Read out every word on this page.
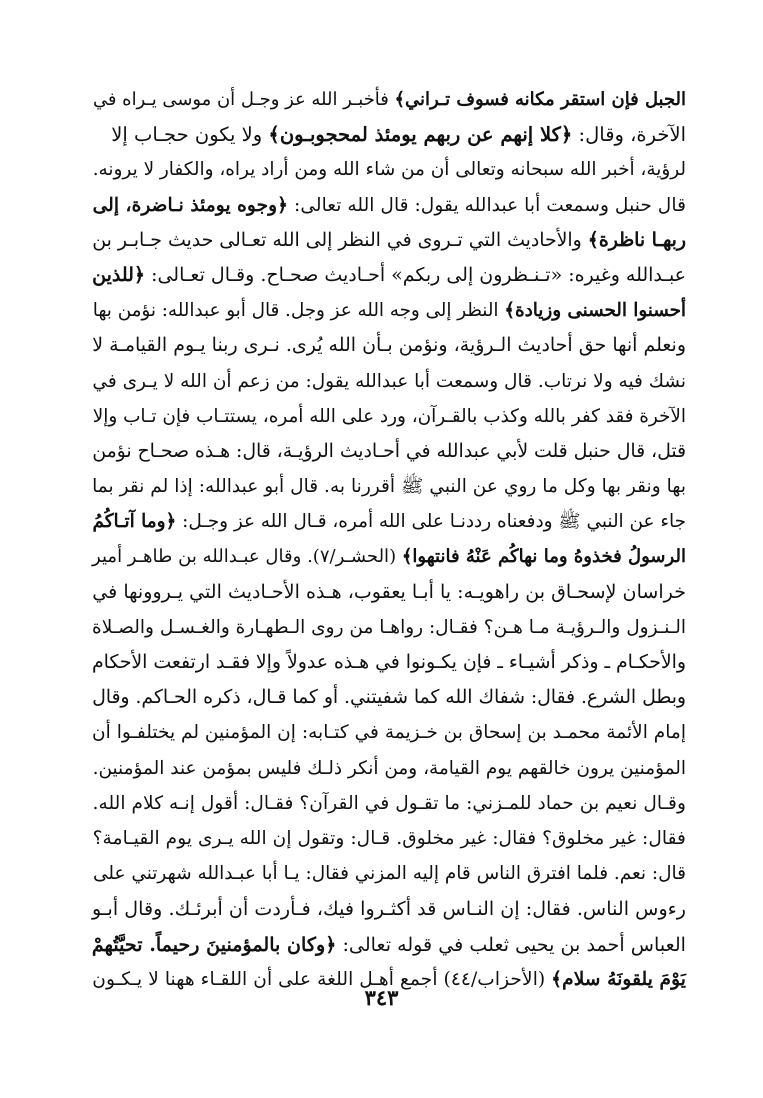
الجبل فإن استقر مكانه فسوف تـراني﴾ فأخبـر الله عز وجـل أن موسى يـراه في
الآخرة، وقال: ﴿كلا إنهم عن ربهم يومئذ لمحجوبـون﴾ ولا يكون حجـاب إلا
لرؤية، أخبر الله سبحانه وتعالى أن من شاء الله ومن أراد يراه، والكفار لا يرونه.
قال حنبل وسمعت أبا عبدالله يقول: قال الله تعالى: ﴿وجوه يومئذ نـاضرة، إلى
ربهـا ناظرة﴾ والأحاديث التي تـروى في النظر إلى الله تعـالى حديث جـابـر بن
عبـدالله وغيره: «تـنـظرون إلى ربكم» أحـاديث صحـاح. وقـال تعـالى: ﴿للذين
أحسنوا الحسنى وزيادة﴾ النظر إلى وجه الله عز وجل. قال أبو عبدالله: نؤمن بها
ونعلم أنها حق أحاديث الـرؤية، ونؤمن بـأن الله يُرى. نـرى ربنا يـوم القيامـة لا
نشك فيه ولا نرتاب. قال وسمعت أبا عبدالله يقول: من زعم أن الله لا يـرى في
الآخرة فقد كفر بالله وكذب بالقـرآن، ورد على الله أمره، يستتـاب فإن تـاب وإلا
قتل، قال حنبل قلت لأبي عبدالله في أحـاديث الرؤيـة، قال: هـذه صحـاح نؤمن
بها ونقر بها وكل ما روي عن النبي ﷺ أقررنا به. قال أبو عبدالله: إذا لم نقر بما
جاء عن النبي ﷺ ودفعناه رددنـا على الله أمره، قـال الله عز وجـل: ﴿وما آتـاكُمُ
الرسولُ فخذوهُ وما نهاكُم عَنْهُ فانتهوا﴾ (الحشـر/٧). وقال عبـدالله بن طاهـر أمير
خراسان لإسحـاق بن راهويـه: يا أبـا يعقوب، هـذه الأحـاديث التي يـروونها في
الـنـزول والـرؤيـة مـا هـن؟ فقـال: رواهـا من روى الـطهـارة والغـسـل والصـلاة
والأحكـام ـ وذكر أشيـاء ـ فإن يكـونوا في هـذه عدولاً وإلا فقـد ارتفعت الأحكام
وبطل الشرع. فقال: شفاك الله كما شفيتني. أو كما قـال، ذكره الحـاكم. وقال
إمام الأئمة محمـد بن إسحاق بن خـزيمة في كتـابه: إن المؤمنين لم يختلفـوا أن
المؤمنين يرون خالقهم يوم القيامة، ومن أنكر ذلـك فليس بمؤمن عند المؤمنين.
وقـال نعيم بن حماد للمـزني: ما تقـول في القرآن؟ فقـال: أقول إنـه كلام الله.
فقال: غير مخلوق؟ فقال: غير مخلوق. قـال: وتقول إن الله يـرى يوم القيـامة؟
قال: نعم. فلما افترق الناس قام إليه المزني فقال: يـا أبا عبـدالله شهرتني على
رءوس الناس. فقال: إن النـاس قد أكثـروا فيك، فـأردت أن أبرئـك. وقال أبـو
العباس أحمد بن يحيى ثعلب في قوله تعالى: ﴿وكان بالمؤمنينَ رحيماً. تحيَّتُهمْ
يَوْمَ يلقونَهُ سلام﴾ (الأحزاب/٤٤) أجمع أهـل اللغة على أن اللقـاء ههنا لا يـكـون
٣٤٣
